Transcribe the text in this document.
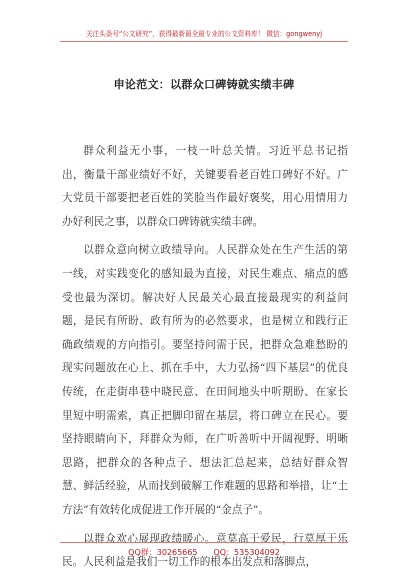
关注头条号“公文研究”，获得最新最全最专业的公文资料库！ 微信：gongwenyj
申论范文：以群众口碑铸就实绩丰碑

群众利益无小事，一枝一叶总关情。习近平总书记指出，衡量干部业绩好不好，关键要看老百姓口碑好不好。广大党员干部要把老百姓的笑脸当作最好褒奖，用心用情用力办好利民之事，以群众口碑铸就实绩丰碑。

以群众意向树立政绩导向。人民群众处在生产生活的第一线，对实践变化的感知最为直接，对民生难点、痛点的感受也最为深切。解决好人民最关心最直接最现实的利益问题，是民有所盼、政有所为的必然要求，也是树立和践行正确政绩观的方向指引。要坚持问需于民，把群众急难愁盼的现实问题放在心上、抓在手中，大力弘扬“四下基层”的优良传统，在走街串巷中晓民意、在田间地头中听期盼、在家长里短中明需索，真正把脚印留在基层，将口碑立在民心。要坚持眼睛向下，拜群众为师，在广听善听中开阔视野、明晰思路，把群众的各种点子、想法汇总起来，总结好群众智慧、鲜活经验，从而找到破解工作难题的思路和举措，让“土方法”有效转化成促进工作开展的“金点子”。

以群众欢心展现政绩暖心。意莫高于爱民，行莫厚于乐民。人民利益是我们一切工作的根本出发点和落脚点，

QQ群：30265665 QQ：535304092
